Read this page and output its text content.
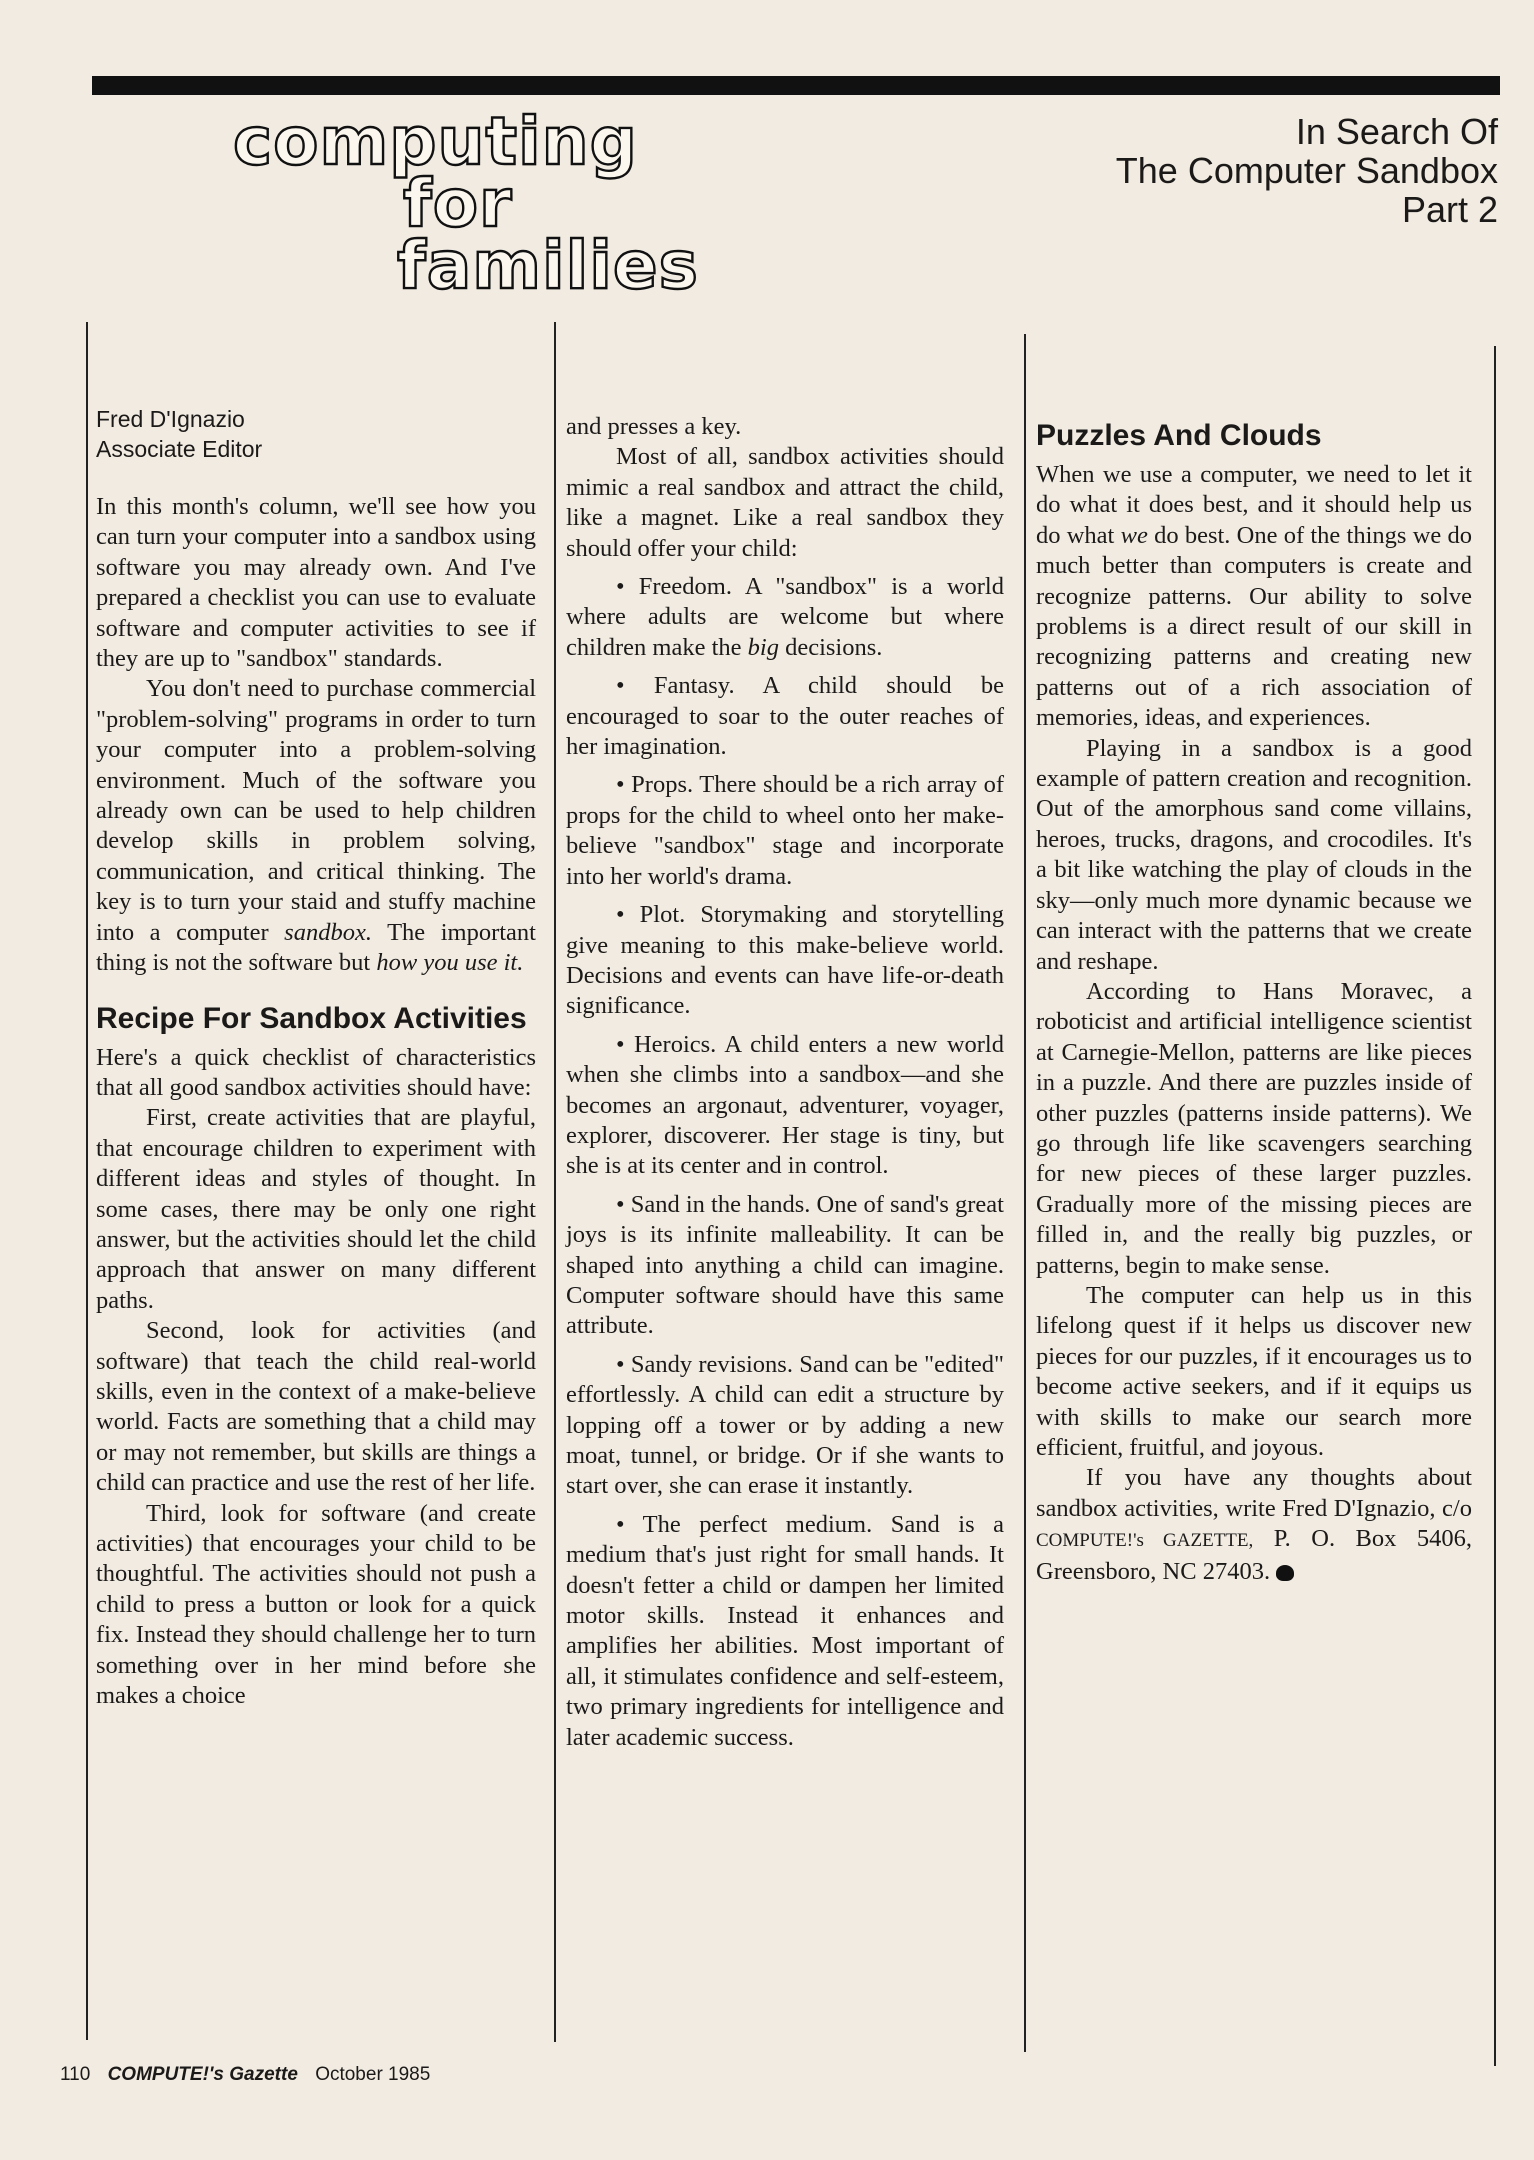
computing
for
families
In Search Of
The Computer Sandbox
Part 2
Fred D'Ignazio
Associate Editor

In this month's column, we'll see how you can turn your computer into a sandbox using software you may already own. And I've prepared a checklist you can use to evaluate software and computer activities to see if they are up to "sandbox" standards.

You don't need to purchase commercial "problem-solving" programs in order to turn your computer into a problem-solving environment. Much of the software you already own can be used to help children develop skills in problem solving, communication, and critical thinking. The key is to turn your staid and stuffy machine into a computer sandbox. The important thing is not the software but how you use it.

Recipe For Sandbox Activities

Here's a quick checklist of characteristics that all good sandbox activities should have:

First, create activities that are playful, that encourage children to experiment with different ideas and styles of thought. In some cases, there may be only one right answer, but the activities should let the child approach that answer on many different paths.

Second, look for activities (and software) that teach the child real-world skills, even in the context of a make-believe world. Facts are something that a child may or may not remember, but skills are things a child can practice and use the rest of her life.

Third, look for software (and create activities) that encourages your child to be thoughtful. The activities should not push a child to press a button or look for a quick fix. Instead they should challenge her to turn something over in her mind before she makes a choice

and presses a key.

Most of all, sandbox activities should mimic a real sandbox and attract the child, like a magnet. Like a real sandbox they should offer your child:

• Freedom. A "sandbox" is a world where adults are welcome but where children make the big decisions.

• Fantasy. A child should be encouraged to soar to the outer reaches of her imagination.

• Props. There should be a rich array of props for the child to wheel onto her make-believe "sandbox" stage and incorporate into her world's drama.

• Plot. Storymaking and storytelling give meaning to this make-believe world. Decisions and events can have life-or-death significance.

• Heroics. A child enters a new world when she climbs into a sandbox—and she becomes an argonaut, adventurer, voyager, explorer, discoverer. Her stage is tiny, but she is at its center and in control.

• Sand in the hands. One of sand's great joys is its infinite malleability. It can be shaped into anything a child can imagine. Computer software should have this same attribute.

• Sandy revisions. Sand can be "edited" effortlessly. A child can edit a structure by lopping off a tower or by adding a new moat, tunnel, or bridge. Or if she wants to start over, she can erase it instantly.

• The perfect medium. Sand is a medium that's just right for small hands. It doesn't fetter a child or dampen her limited motor skills. Instead it enhances and amplifies her abilities. Most important of all, it stimulates confidence and self-esteem, two primary ingredients for intelligence and later academic success.

Puzzles And Clouds

When we use a computer, we need to let it do what it does best, and it should help us do what we do best. One of the things we do much better than computers is create and recognize patterns. Our ability to solve problems is a direct result of our skill in recognizing patterns and creating new patterns out of a rich association of memories, ideas, and experiences.

Playing in a sandbox is a good example of pattern creation and recognition. Out of the amorphous sand come villains, heroes, trucks, dragons, and crocodiles. It's a bit like watching the play of clouds in the sky—only much more dynamic because we can interact with the patterns that we create and reshape.

According to Hans Moravec, a roboticist and artificial intelligence scientist at Carnegie-Mellon, patterns are like pieces in a puzzle. And there are puzzles inside of other puzzles (patterns inside patterns). We go through life like scavengers searching for new pieces of these larger puzzles. Gradually more of the missing pieces are filled in, and the really big puzzles, or patterns, begin to make sense.

The computer can help us in this lifelong quest if it helps us discover new pieces for our puzzles, if it encourages us to become active seekers, and if it equips us with skills to make our search more efficient, fruitful, and joyous.

If you have any thoughts about sandbox activities, write Fred D'Ignazio, c/o COMPUTE!'s GAZETTE, P. O. Box 5406, Greensboro, NC 27403.

110 COMPUTE!'s Gazette October 1985
